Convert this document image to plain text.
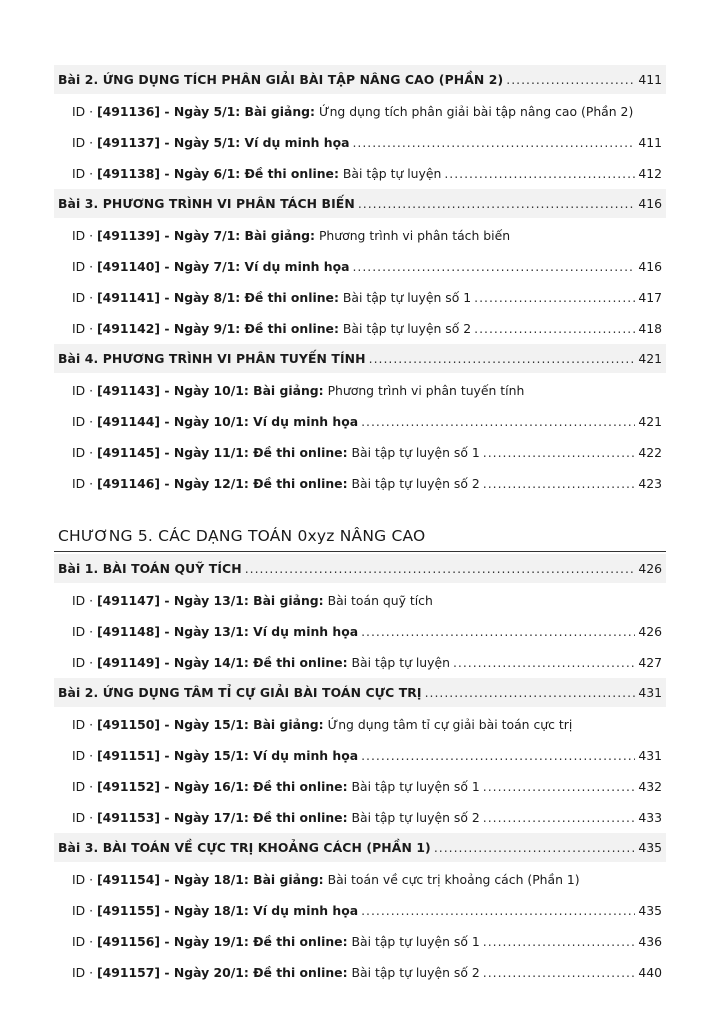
Bài 2. ỨNG DỤNG TÍCH PHÂN GIẢI BÀI TẬP NÂNG CAO (PHẦN 2) .....	411
ID · [491136] - Ngày 5/1: Bài giảng: Ứng dụng tích phân giải bài tập nâng cao (Phần 2)
ID · [491137] - Ngày 5/1: Ví dụ minh họa .....	411
ID · [491138] - Ngày 6/1: Đề thi online: Bài tập tự luyện .....	412
Bài 3. PHƯƠNG TRÌNH VI PHÂN TÁCH BIẾN .....	416
ID · [491139] - Ngày 7/1: Bài giảng: Phương trình vi phân tách biến
ID · [491140] - Ngày 7/1: Ví dụ minh họa .....	416
ID · [491141] - Ngày 8/1: Đề thi online: Bài tập tự luyện số 1 .....	417
ID · [491142] - Ngày 9/1: Đề thi online: Bài tập tự luyện số 2 .....	418
Bài 4. PHƯƠNG TRÌNH VI PHÂN TUYẾN TÍNH .....	421
ID · [491143] - Ngày 10/1: Bài giảng: Phương trình vi phân tuyến tính
ID · [491144] - Ngày 10/1: Ví dụ minh họa .....	421
ID · [491145] - Ngày 11/1: Đề thi online: Bài tập tự luyện số 1 .....	422
ID · [491146] - Ngày 12/1: Đề thi online: Bài tập tự luyện số 2 .....	423
CHƯƠNG 5. CÁC DẠNG TOÁN 0xyz NÂNG CAO
Bài 1. BÀI TOÁN QUỸ TÍCH .....	426
ID · [491147] - Ngày 13/1: Bài giảng: Bài toán quỹ tích
ID · [491148] - Ngày 13/1: Ví dụ minh họa .....	426
ID · [491149] - Ngày 14/1: Đề thi online: Bài tập tự luyện .....	427
Bài 2. ỨNG DỤNG TÂM TỈ CỰ GIẢI BÀI TOÁN CỰC TRỊ .....	431
ID · [491150] - Ngày 15/1: Bài giảng: Ứng dụng tâm tỉ cự giải bài toán cực trị
ID · [491151] - Ngày 15/1: Ví dụ minh họa .....	431
ID · [491152] - Ngày 16/1: Đề thi online: Bài tập tự luyện số 1 .....	432
ID · [491153] - Ngày 17/1: Đề thi online: Bài tập tự luyện số 2 .....	433
Bài 3. BÀI TOÁN VỀ CỰC TRỊ KHOẢNG CÁCH (PHẦN 1) .....	435
ID · [491154] - Ngày 18/1: Bài giảng: Bài toán về cực trị khoảng cách (Phần 1)
ID · [491155] - Ngày 18/1: Ví dụ minh họa .....	435
ID · [491156] - Ngày 19/1: Đề thi online: Bài tập tự luyện số 1 .....	436
ID · [491157] - Ngày 20/1: Đề thi online: Bài tập tự luyện số 2 .....	440
